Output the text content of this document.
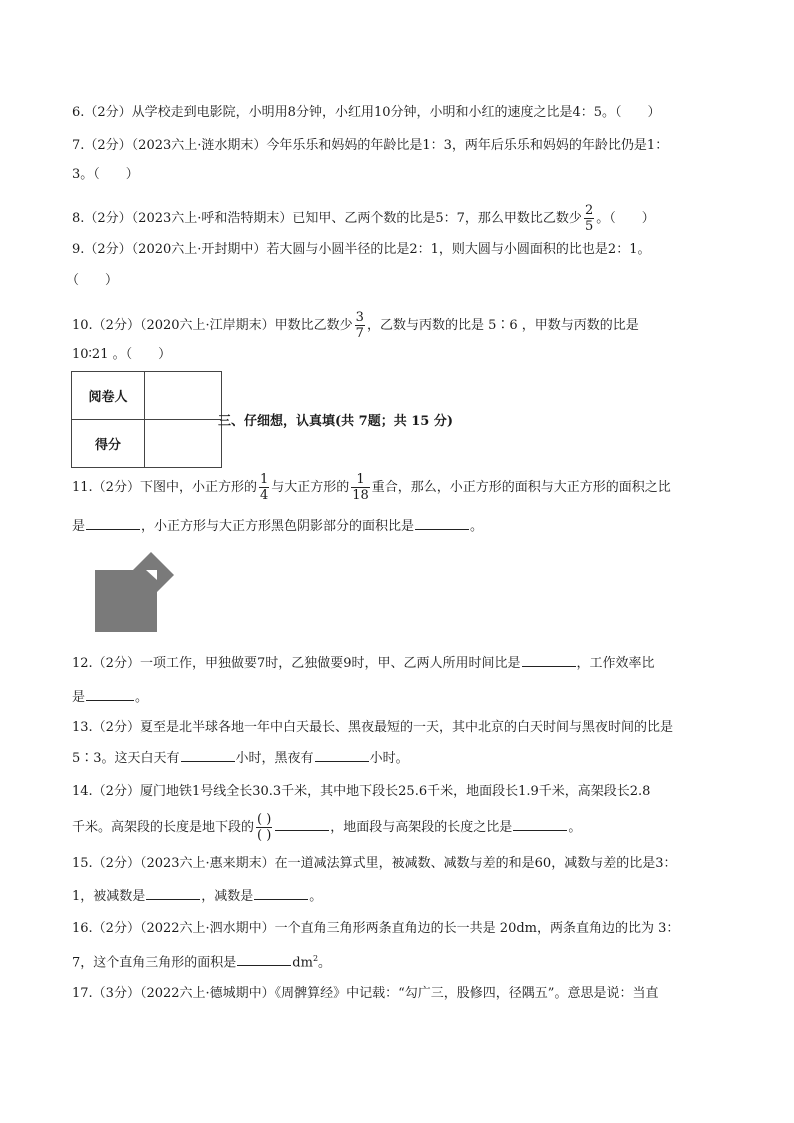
6.（2分）从学校走到电影院，小明用8分钟，小红用10分钟，小明和小红的速度之比是4：5。（　　）
7.（2分）（2023六上·涟水期末）今年乐乐和妈妈的年龄比是1：3，两年后乐乐和妈妈的年龄比仍是1：
3。（　　）
8.（2分）（2023六上·呼和浩特期末）已知甲、乙两个数的比是5：7，那么甲数比乙数少 $\frac{2}{5}$ 。（　　）
9.（2分）（2020六上·开封期中）若大圆与小圆半径的比是2：1，则大圆与小圆面积的比也是2：1。
（　　）
10.（2分）（2020六上·江岸期末）甲数比乙数少 $\frac{3}{7}$ ，乙数与丙数的比是 5∶6 ，甲数与丙数的比是
10∶21 。（　　）
阅卷人	
得分	
三、仔细想，认真填(共 7题；共 15 分)
11.（2分）下图中，小正方形的 $\frac{1}{4}$ 与大正方形的 $\frac{1}{18}$ 重合，那么，小正方形的面积与大正方形的面积之比
是	，小正方形与大正方形黑色阴影部分的面积比是	。
12.（2分）一项工作，甲独做要7时，乙独做要9时，甲、乙两人所用时间比是	，工作效率比
是	。
13.（2分）夏至是北半球各地一年中白天最长、黑夜最短的一天，其中北京的白天时间与黑夜时间的比是
5∶3。这天白天有	小时，黑夜有	小时。
14.（2分）厦门地铁1号线全长30.3千米，其中地下段长25.6千米，地面段长1.9千米，高架段长2.8
千米。高架段的长度是地下段的 $\frac{( )}{( )}$	，地面段与高架段的长度之比是	。
15.（2分）（2023六上·惠来期末）在一道减法算式里，被减数、减数与差的和是60，减数与差的比是3：
1，被减数是	，减数是	。
16.（2分）（2022六上·泗水期中）一个直角三角形两条直角边的长一共是 20dm，两条直角边的比为 3：
7，这个直角三角形的面积是	$dm^2$。
17.（3分）（2022六上·德城期中）《周髀算经》中记载：“勾广三，股修四，径隅五”。意思是说：当直
